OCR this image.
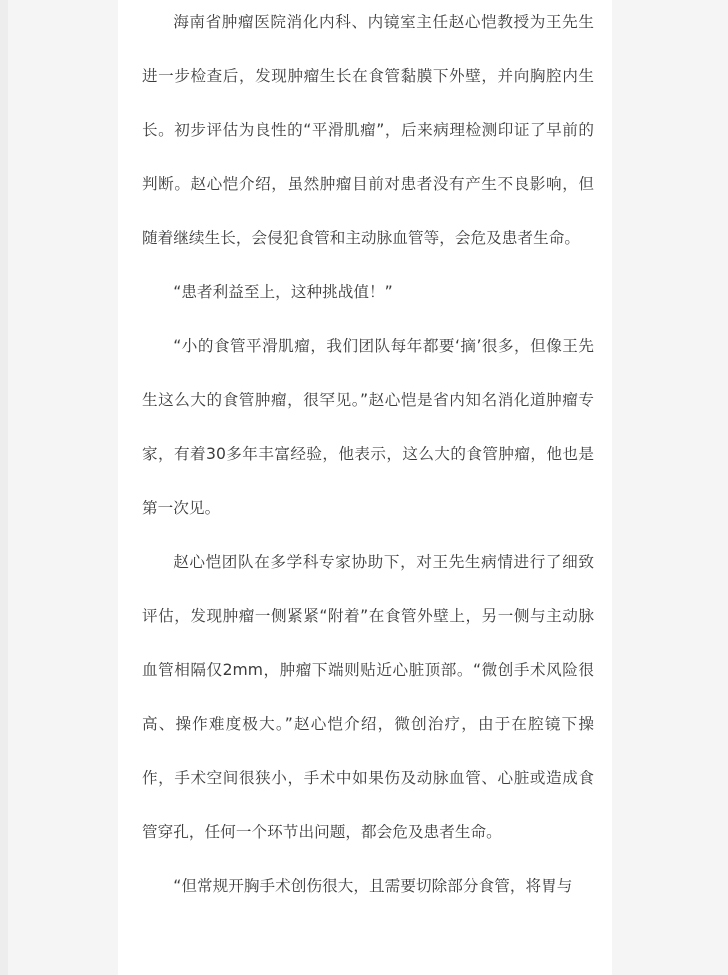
海南省肿瘤医院消化内科、内镜室主任赵心恺教授为王先生进一步检查后，发现肿瘤生长在食管黏膜下外壁，并向胸腔内生长。初步评估为良性的“平滑肌瘤”，后来病理检测印证了早前的判断。赵心恺介绍，虽然肿瘤目前对患者没有产生不良影响，但随着继续生长，会侵犯食管和主动脉血管等，会危及患者生命。

“患者利益至上，这种挑战值！”

“小的食管平滑肌瘤，我们团队每年都要‘摘’很多，但像王先生这么大的食管肿瘤，很罕见。”赵心恺是省内知名消化道肿瘤专家，有着30多年丰富经验，他表示，这么大的食管肿瘤，他也是第一次见。

赵心恺团队在多学科专家协助下，对王先生病情进行了细致评估，发现肿瘤一侧紧紧“附着”在食管外壁上，另一侧与主动脉血管相隔仅2mm，肿瘤下端则贴近心脏顶部。“微创手术风险很高、操作难度极大。”赵心恺介绍，微创治疗，由于在腔镜下操作，手术空间很狭小，手术中如果伤及动脉血管、心脏或造成食管穿孔，任何一个环节出问题，都会危及患者生命。

“但常规开胸手术创伤很大，且需要切除部分食管，将胃与
